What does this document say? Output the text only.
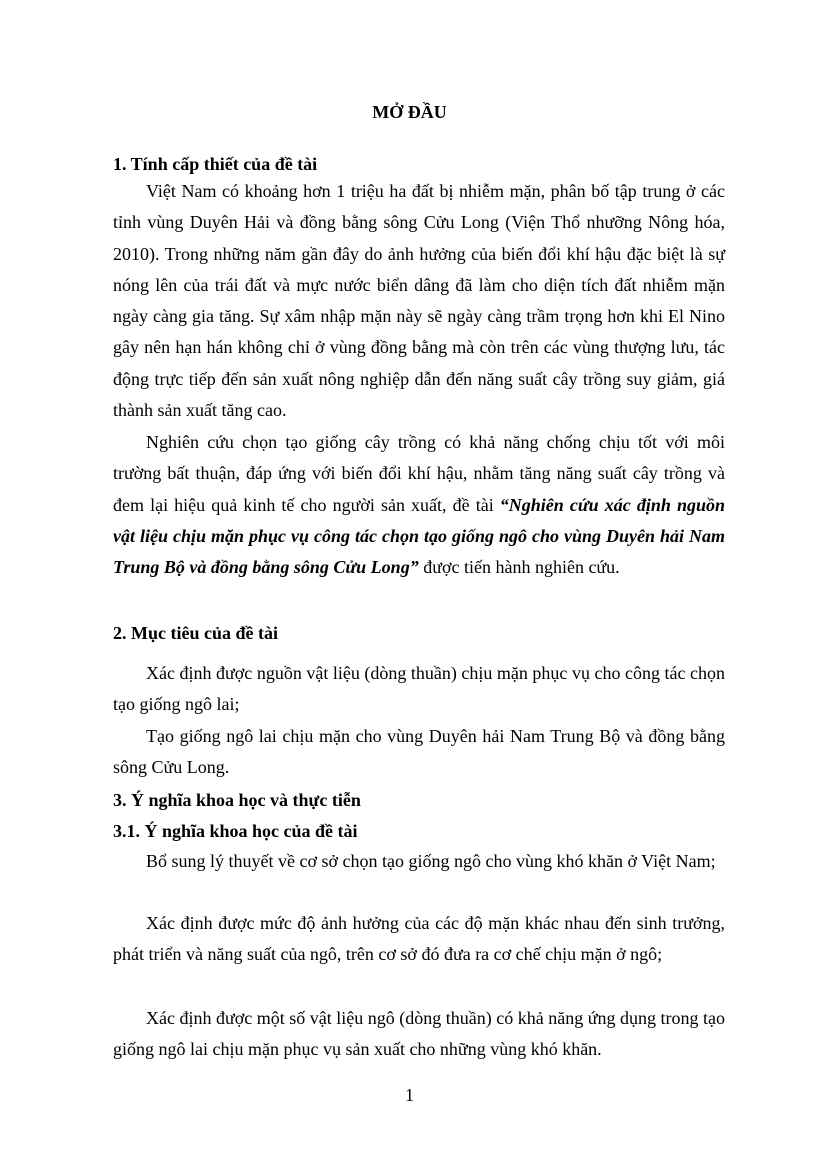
MỞ ĐẦU

1. Tính cấp thiết của đề tài

Việt Nam có khoảng hơn 1 triệu ha đất bị nhiễm mặn, phân bố tập trung ở các tỉnh vùng Duyên Hải và đồng bằng sông Cửu Long (Viện Thổ nhưỡng Nông hóa, 2010). Trong những năm gần đây do ảnh hưởng của biến đổi khí hậu đặc biệt là sự nóng lên của trái đất và mực nước biển dâng đã làm cho diện tích đất nhiễm mặn ngày càng gia tăng. Sự xâm nhập mặn này sẽ ngày càng trầm trọng hơn khi El Nino gây nên hạn hán không chỉ ở vùng đồng bằng mà còn trên các vùng thượng lưu, tác động trực tiếp đến sản xuất nông nghiệp dẫn đến năng suất cây trồng suy giảm, giá thành sản xuất tăng cao.

Nghiên cứu chọn tạo giống cây trồng có khả năng chống chịu tốt với môi trường bất thuận, đáp ứng với biến đổi khí hậu, nhằm tăng năng suất cây trồng và đem lại hiệu quả kinh tế cho người sản xuất, đề tài “Nghiên cứu xác định nguồn vật liệu chịu mặn phục vụ công tác chọn tạo giống ngô cho vùng Duyên hải Nam Trung Bộ và đồng bằng sông Cửu Long” được tiến hành nghiên cứu.

2. Mục tiêu của đề tài

Xác định được nguồn vật liệu (dòng thuần) chịu mặn phục vụ cho công tác chọn tạo giống ngô lai;

Tạo giống ngô lai chịu mặn cho vùng Duyên hải Nam Trung Bộ và đồng bằng sông Cửu Long.

3. Ý nghĩa khoa học và thực tiễn

3.1. Ý nghĩa khoa học của đề tài

Bổ sung lý thuyết về cơ sở chọn tạo giống ngô cho vùng khó khăn ở Việt Nam;

Xác định được mức độ ảnh hưởng của các độ mặn khác nhau đến sinh trưởng, phát triển và năng suất của ngô, trên cơ sở đó đưa ra cơ chế chịu mặn ở ngô;

Xác định được một số vật liệu ngô (dòng thuần) có khả năng ứng dụng trong tạo giống ngô lai chịu mặn phục vụ sản xuất cho những vùng khó khăn.

1
